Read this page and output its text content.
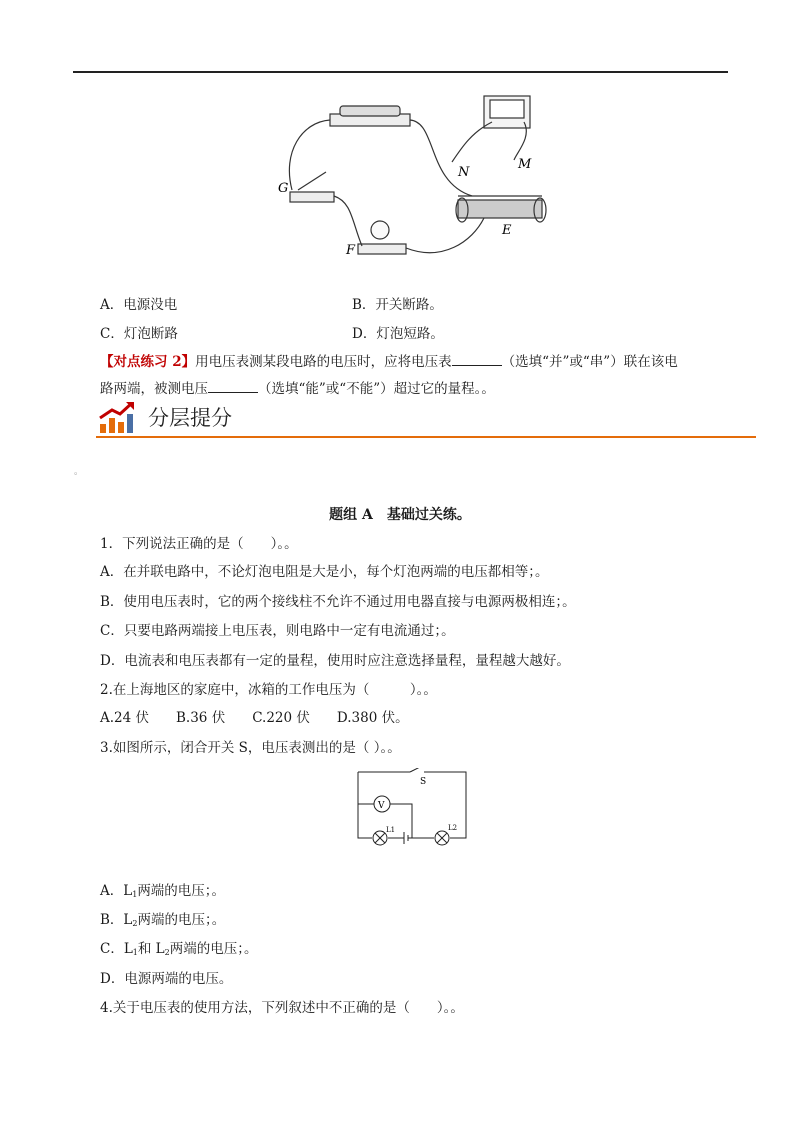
G
F
E
N
M
A．电源没电	B．开关断路。
C．灯泡断路	D．灯泡短路。
【对点练习 2】用电压表测某段电路的电压时，应将电压表	（选填“并”或“串”）联在该电
路两端，被测电压	（选填“能”或“不能”）超过它的量程。。
分层提分
。
题组 A　基础过关练。
1．下列说法正确的是（　　）。。
A．在并联电路中，不论灯泡电阻是大是小，每个灯泡两端的电压都相等；。
B．使用电压表时，它的两个接线柱不允许不通过用电器直接与电源两极相连；。
C．只要电路两端接上电压表，则电路中一定有电流通过；。
D．电流表和电压表都有一定的量程，使用时应注意选择量程，量程越大越好。
2.在上海地区的家庭中，冰箱的工作电压为（　　　）。。
A.24 伏　　B.36 伏　　C.220 伏　　D.380 伏。
3.如图所示，闭合开关 S，电压表测出的是（ ）。。
S
V
L1	L2
A．$L_1$两端的电压；。
B．$L_2$两端的电压；。
C．$L_1$和 $L_2$两端的电压；。
D．电源两端的电压。
4.关于电压表的使用方法，下列叙述中不正确的是（　　）。。
